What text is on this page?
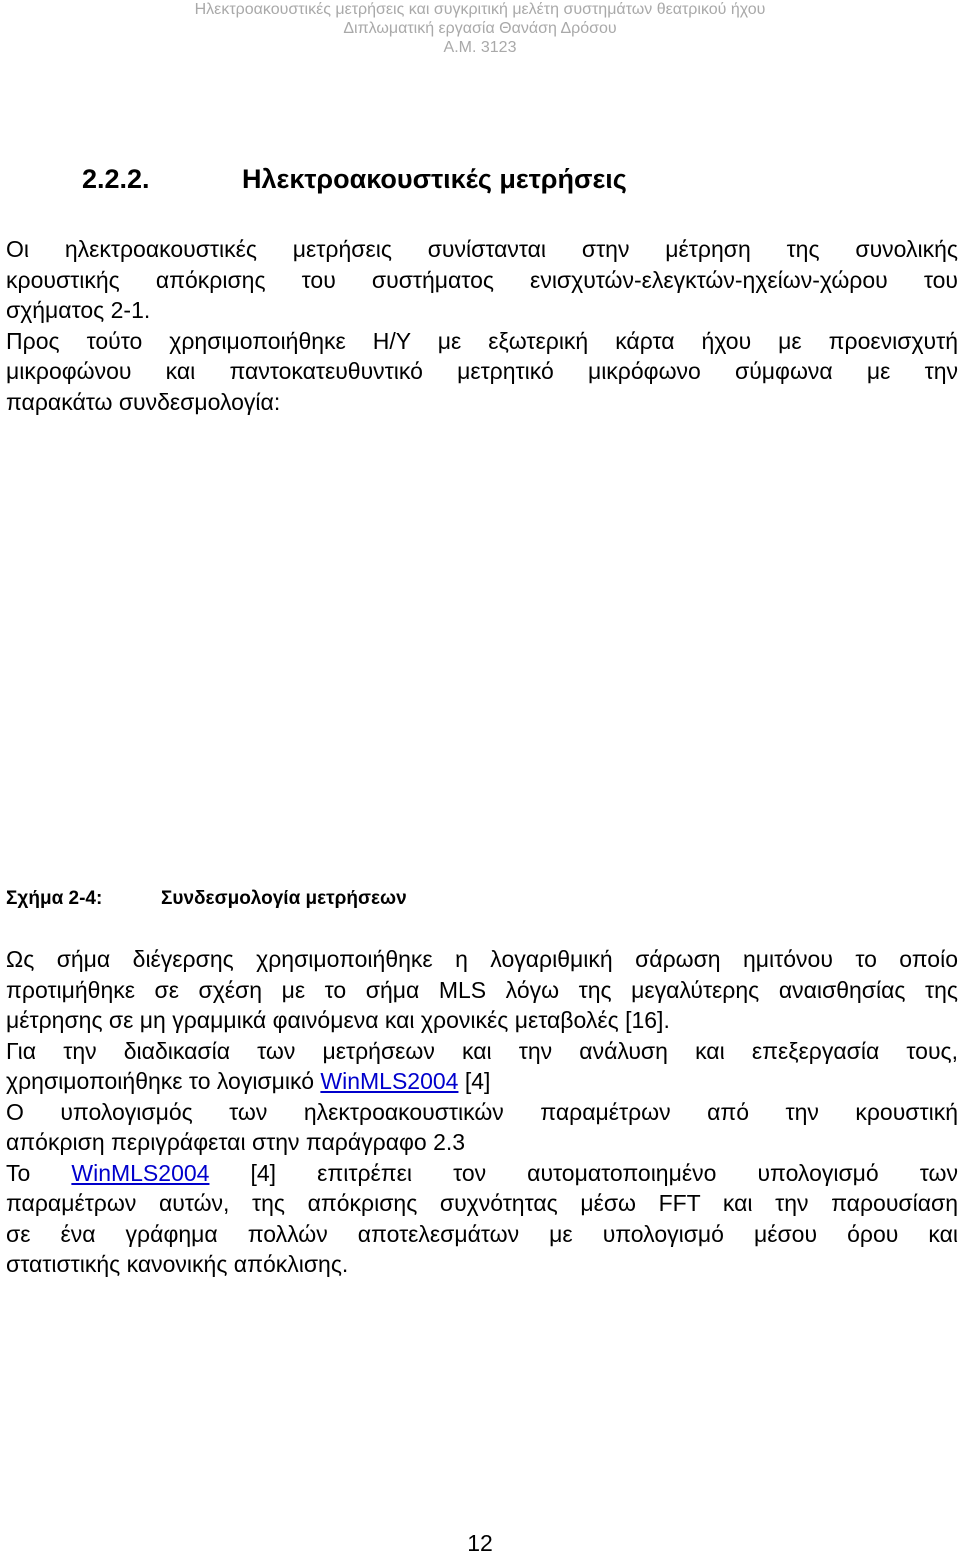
Ηλεκτροακουστικές μετρήσεις και συγκριτική μελέτη συστημάτων θεατρικού ήχου
Διπλωματική εργασία Θανάση Δρόσου
Α.Μ. 3123
2.2.2.	Ηλεκτροακουστικές μετρήσεις
Οι ηλεκτροακουστικές μετρήσεις συνίστανται στην μέτρηση της συνολικής
κρουστικής απόκρισης του συστήματος ενισχυτών-ελεγκτών-ηχείων-χώρου του
σχήματος 2-1.
Προς τούτο χρησιμοποιήθηκε Η/Υ με εξωτερική κάρτα ήχου με προενισχυτή
μικροφώνου και παντοκατευθυντικό μετρητικό μικρόφωνο σύμφωνα με την
παρακάτω συνδεσμολογία:
Σχήμα 2-4:	Συνδεσμολογία μετρήσεων
Ως σήμα διέγερσης χρησιμοποιήθηκε η λογαριθμική σάρωση ημιτόνου το οποίο
προτιμήθηκε σε σχέση με το σήμα MLS λόγω της μεγαλύτερης αναισθησίας της
μέτρησης σε μη γραμμικά φαινόμενα και χρονικές μεταβολές [16].
Για την διαδικασία των μετρήσεων και την ανάλυση και επεξεργασία τους,
χρησιμοποιήθηκε το λογισμικό WinMLS2004 [4]
Ο υπολογισμός των ηλεκτροακουστικών παραμέτρων από την κρουστική
απόκριση περιγράφεται στην παράγραφο 2.3
Το WinMLS2004 [4] επιτρέπει τον αυτοματοποιημένο υπολογισμό των
παραμέτρων αυτών, της απόκρισης συχνότητας μέσω FFT και την παρουσίαση
σε ένα γράφημα πολλών αποτελεσμάτων με υπολογισμό μέσου όρου και
στατιστικής κανονικής απόκλισης.
12
